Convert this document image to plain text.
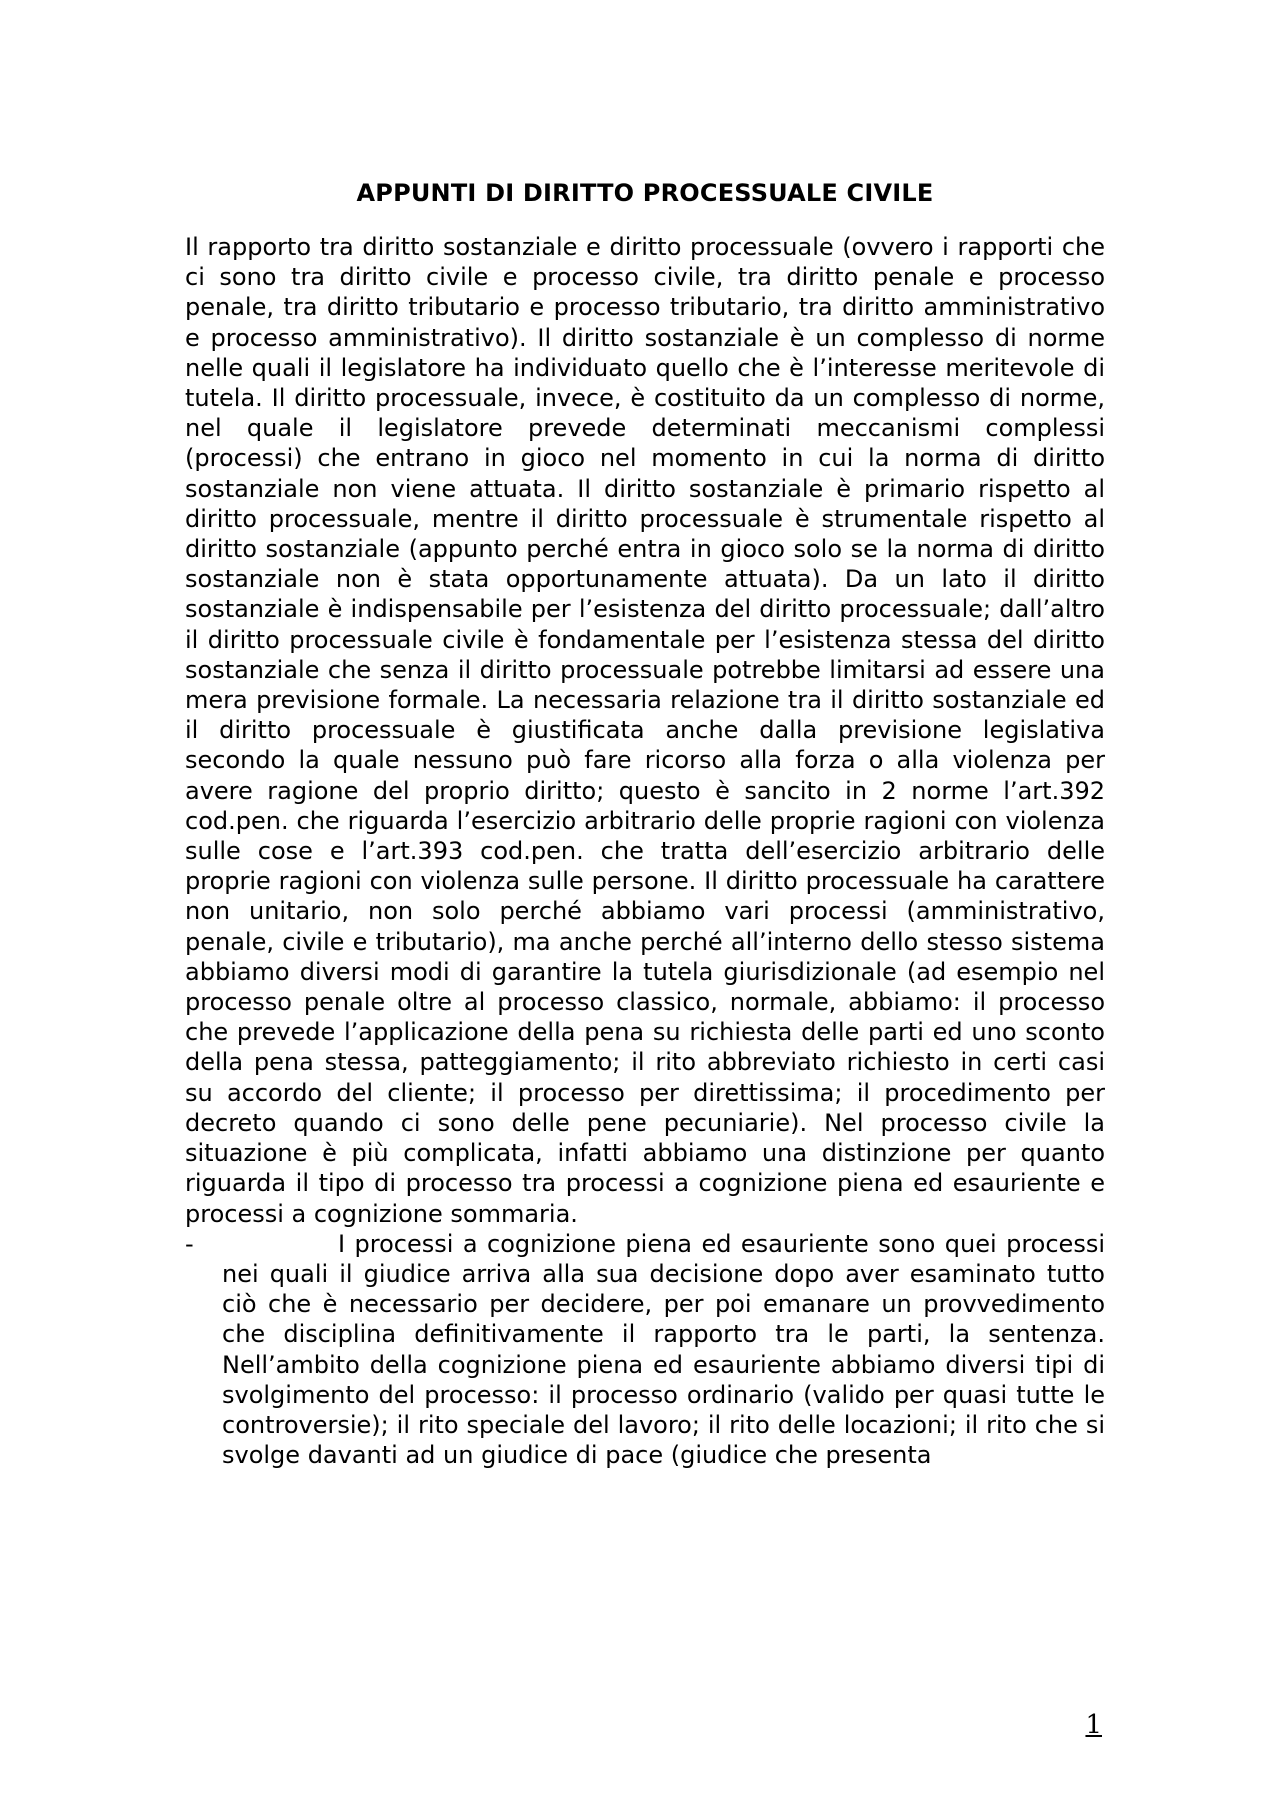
APPUNTI DI DIRITTO PROCESSUALE CIVILE

Il rapporto tra diritto sostanziale e diritto processuale (ovvero i rapporti che ci sono tra diritto civile e processo civile, tra diritto penale e processo penale, tra diritto tributario e processo tributario, tra diritto amministrativo e processo amministrativo). Il diritto sostanziale è un complesso di norme nelle quali il legislatore ha individuato quello che è l’interesse meritevole di tutela. Il diritto processuale, invece, è costituito da un complesso di norme, nel quale il legislatore prevede determinati meccanismi complessi (processi) che entrano in gioco nel momento in cui la norma di diritto sostanziale non viene attuata. Il diritto sostanziale è primario rispetto al diritto processuale, mentre il diritto processuale è strumentale rispetto al diritto sostanziale (appunto perché entra in gioco solo se la norma di diritto sostanziale non è stata opportunamente attuata). Da un lato il diritto sostanziale è indispensabile per l’esistenza del diritto processuale; dall’altro il diritto processuale civile è fondamentale per l’esistenza stessa del diritto sostanziale che senza il diritto processuale potrebbe limitarsi ad essere una mera previsione formale. La necessaria relazione tra il diritto sostanziale ed il diritto processuale è giustificata anche dalla previsione legislativa secondo la quale nessuno può fare ricorso alla forza o alla violenza per avere ragione del proprio diritto; questo è sancito in 2 norme l’art.392 cod.pen. che riguarda l’esercizio arbitrario delle proprie ragioni con violenza sulle cose e l’art.393 cod.pen. che tratta dell’esercizio arbitrario delle proprie ragioni con violenza sulle persone. Il diritto processuale ha carattere non unitario, non solo perché abbiamo vari processi (amministrativo, penale, civile e tributario), ma anche perché all’interno dello stesso sistema abbiamo diversi modi di garantire la tutela giurisdizionale (ad esempio nel processo penale oltre al processo classico, normale, abbiamo: il processo che prevede l’applicazione della pena su richiesta delle parti ed uno sconto della pena stessa, patteggiamento; il rito abbreviato richiesto in certi casi su accordo del cliente; il processo per direttissima; il procedimento per decreto quando ci sono delle pene pecuniarie). Nel processo civile la situazione è più complicata, infatti abbiamo una distinzione per quanto riguarda il tipo di processo tra processi a cognizione piena ed esauriente e processi a cognizione sommaria.

-	I processi a cognizione piena ed esauriente sono quei processi nei quali il giudice arriva alla sua decisione dopo aver esaminato tutto ciò che è necessario per decidere, per poi emanare un provvedimento che disciplina definitivamente il rapporto tra le parti, la sentenza. Nell’ambito della cognizione piena ed esauriente abbiamo diversi tipi di svolgimento del processo: il processo ordinario (valido per quasi tutte le controversie); il rito speciale del lavoro; il rito delle locazioni; il rito che si svolge davanti ad un giudice di pace (giudice che presenta
1
